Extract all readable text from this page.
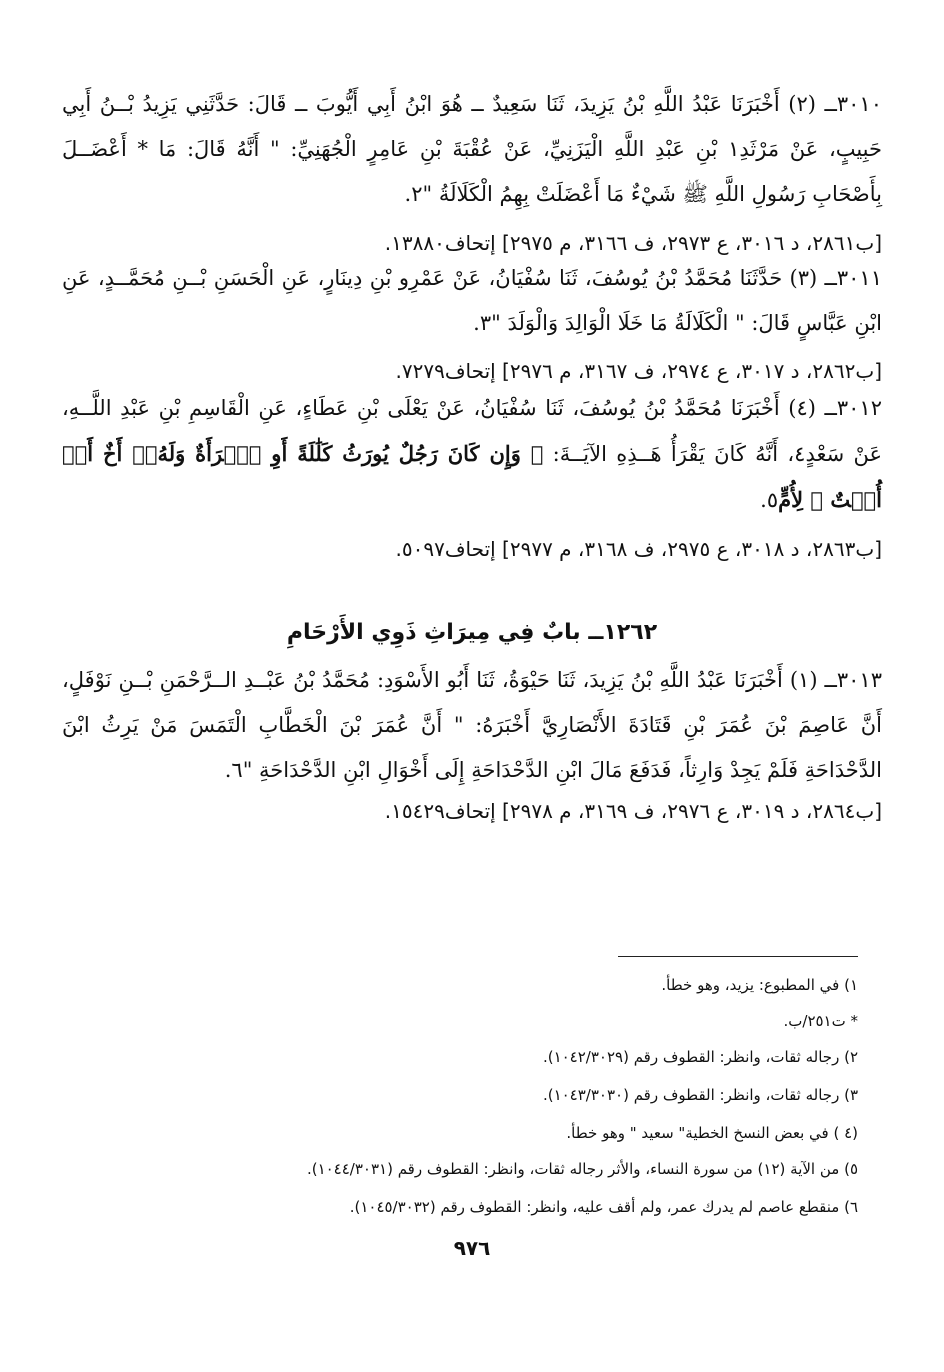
٣٠١٠ــ (٢) أَخْبَرَنَا عَبْدُ اللَّهِ بْنُ يَزِيدَ، ثَنَا سَعِيدٌ ــ هُوَ ابْنُ أَبِي أَيُّوبَ ــ قَالَ: حَدَّثَنِي يَزِيدُ بْــنُ أَبِي حَبِيبٍ، عَنْ مَرْثَدِ١ بْنِ عَبْدِ اللَّهِ الْيَزَنِيِّ، عَنْ عُقْبَةَ بْنِ عَامِرٍ الْجُهَنِيِّ: " أَنَّهُ قَالَ: مَا * أَعْضَــلَ بِأَصْحَابِ رَسُولِ اللَّهِ ﷺ شَيْءٌ مَا أَعْضَلَتْ بِهِمُ الْكَلَالَةُ "٢.
[ب٢٨٦١، د ٣٠١٦، ع ٢٩٧٣، ف ٣١٦٦، م ٢٩٧٥] إتحاف١٣٨٨٠.
٣٠١١ــ (٣) حَدَّثَنَا مُحَمَّدُ بْنُ يُوسُفَ، ثَنَا سُفْيَانُ، عَنْ عَمْرِو بْنِ دِينَارٍ، عَنِ الْحَسَنِ بْــنِ مُحَمَّــدٍ، عَنِ ابْنِ عَبَّاسٍ قَالَ: " الْكَلَالَةُ مَا خَلَا الْوَالِدَ وَالْوَلَدَ "٣.
[ب٢٨٦٢، د ٣٠١٧، ع ٢٩٧٤، ف ٣١٦٧، م ٢٩٧٦] إتحاف٧٢٧٩.
٣٠١٢ــ (٤) أَخْبَرَنَا مُحَمَّدُ بْنُ يُوسُفَ، ثَنَا سُفْيَانُ، عَنْ يَعْلَى بْنِ عَطَاءٍ، عَنِ الْقَاسِمِ بْنِ عَبْدِ اللَّــهِ، عَنْ سَعْدٍ٤، أَنَّهُ كَانَ يَقْرَأُ هَــذِهِ الآيَــةَ: ﴿ وَإِن كَانَ رَجُلٌ يُورَثُ كَلَٰلَةً أَوِ ٱمۡرَأَةٌ وَلَهُۥٓ أَخٌ أَوۡ أُخۡتٌ ﴾ لِأُمٍّ٥.
[ب٢٨٦٣، د ٣٠١٨، ع ٢٩٧٥، ف ٣١٦٨، م ٢٩٧٧] إتحاف٥٠٩٧.
١٢٦٢ــ بابٌ فِي مِيرَاثِ ذَوِي الأَرْحَامِ
٣٠١٣ــ (١) أَخْبَرَنَا عَبْدُ اللَّهِ بْنُ يَزِيدَ، ثَنَا حَيْوَةُ، ثَنَا أَبُو الأَسْوَدِ: مُحَمَّدُ بْنُ عَبْــدِ الــرَّحْمَنِ بْــنِ نَوْفَلٍ، أَنَّ عَاصِمَ بْنَ عُمَرَ بْنِ قَتَادَةَ الأَنْصَارِيَّ أَخْبَرَهُ: " أَنَّ عُمَرَ بْنَ الْخَطَّابِ الْتَمَسَ مَنْ يَرِثُ ابْنَ الدَّحْدَاحَةِ فَلَمْ يَجِدْ وَارِثاً، فَدَفَعَ مَالَ ابْنِ الدَّحْدَاحَةِ إِلَى أَخْوَالِ ابْنِ الدَّحْدَاحَةِ "٦.
[ب٢٨٦٤، د ٣٠١٩، ع ٢٩٧٦، ف ٣١٦٩، م ٢٩٧٨] إتحاف١٥٤٢٩.
١) في المطبوع: يزيد، وهو خطأ.
* ت٢٥١/ب.
٢) رجاله ثقات، وانظر: القطوف رقم (١٠٤٢/٣٠٢٩).
٣) رجاله ثقات، وانظر: القطوف رقم (١٠٤٣/٣٠٣٠).
(٤ ) في بعض النسخ الخطية" سعيد " وهو خطأ.
٥) من الآية (١٢) من سورة النساء، والأثر رجاله ثقات، وانظر: القطوف رقم (١٠٤٤/٣٠٣١).
٦) منقطع عاصم لم يدرك عمر، ولم أقف عليه، وانظر: القطوف رقم (١٠٤٥/٣٠٣٢).
٩٧٦
